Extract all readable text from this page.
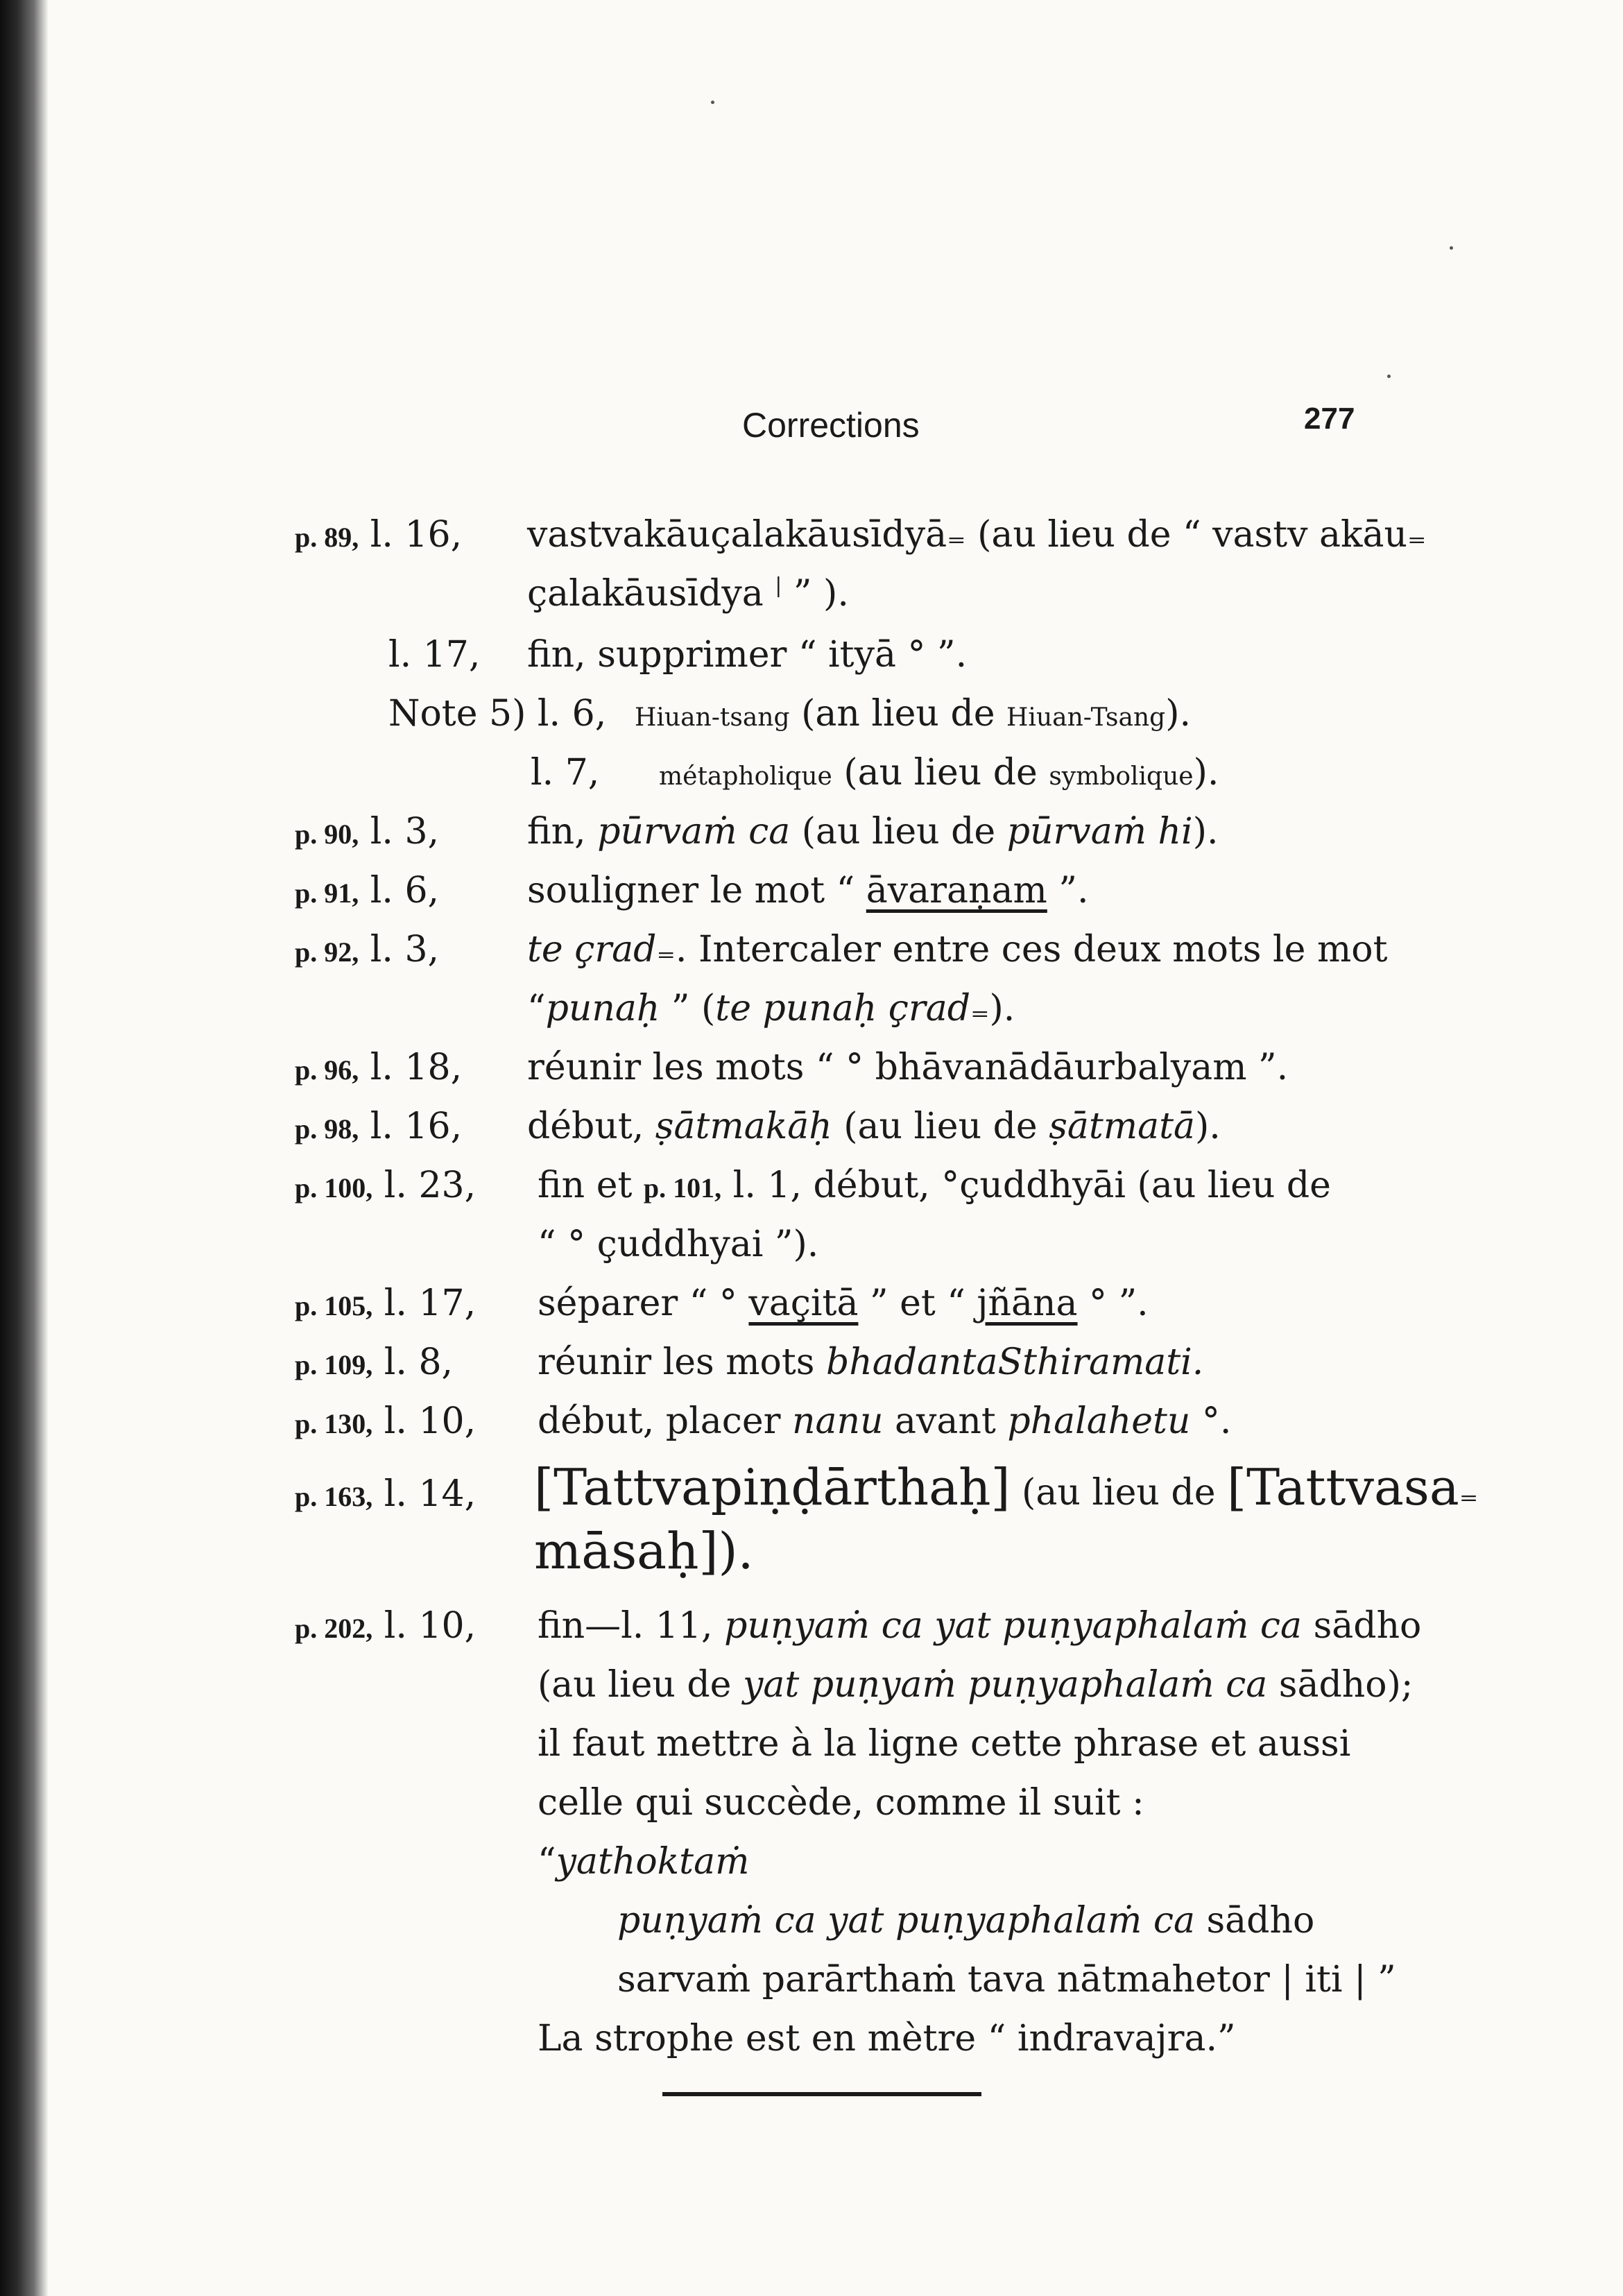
Corrections	277
p. 89, l. 16, vastvakāuçalakāusīdyā₌ (au lieu de “ vastv akāu₌
çalakāusīdya | ” ).
l. 17, fin, supprimer “ ityā ° ”.
Note 5) l. 6, Hiuan-tsang (an lieu de Hiuan-Tsang).
l. 7, métapholique (au lieu de symbolique).
p. 90, l. 3, fin, pūrvaṁ ca (au lieu de pūrvaṁ hi).
p. 91, l. 6, souligner le mot “ āvaraṇam ”.
p. 92, l. 3, te çrad₌. Intercaler entre ces deux mots le mot
“punaḥ ” (te punaḥ çrad₌).
p. 96, l. 18, réunir les mots “ ° bhāvanādāurbalyam ”.
p. 98, l. 16, début, ṣātmakāḥ (au lieu de ṣātmatā).
p. 100, l. 23, fin et p. 101, l. 1, début, °çuddhyāi (au lieu de
“ ° çuddhyai ”).
p. 105, l. 17, séparer “ ° vaçitā ” et “ jñāna ° ”.
p. 109, l. 8, réunir les mots bhadantaSthiramati.
p. 130, l. 10, début, placer nanu avant phalahetu °.
p. 163, l. 14, [Tattvapiṇḍārthaḥ] (au lieu de [Tattvasa₌
māsaḥ]).
p. 202, l. 10, fin—l. 11, puṇyaṁ ca yat puṇyaphalaṁ ca sādho
(au lieu de yat puṇyaṁ puṇyaphalaṁ ca sādho);
il faut mettre à la ligne cette phrase et aussi
celle qui succède, comme il suit :
“yathoktaṁ
puṇyaṁ ca yat puṇyaphalaṁ ca sādho
sarvaṁ parārthaṁ tava nātmahetor | iti | ”
La strophe est en mètre “ indravajra.”
